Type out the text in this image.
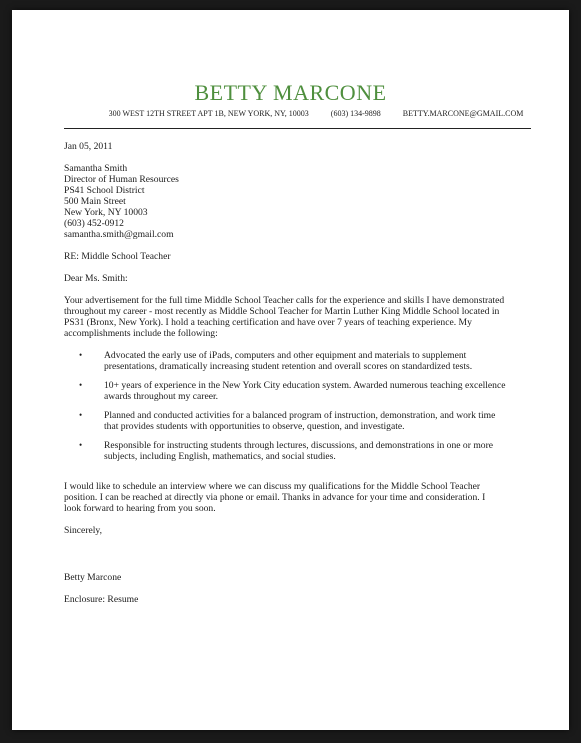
BETTY MARCONE
300 WEST 12TH STREET APT 1B, NEW YORK, NY, 10003	(603) 134-9898	BETTY.MARCONE@GMAIL.COM

Jan 05, 2011

Samantha Smith

Director of Human Resources

PS41 School District

500 Main Street

New York, NY 10003

(603) 452-0912

samantha.smith@gmail.com

RE: Middle School Teacher

Dear Ms. Smith:

Your advertisement for the full time Middle School Teacher calls for the experience and skills I have demonstrated

throughout my career - most recently as Middle School Teacher for Martin Luther King Middle School located in

PS31 (Bronx, New York). I hold a teaching certification and have over 7 years of teaching experience. My

accomplishments include the following:

• Advocated the early use of iPads, computers and other equipment and materials to supplement

presentations, dramatically increasing student retention and overall scores on standardized tests.

• 10+ years of experience in the New York City education system. Awarded numerous teaching excellence

awards throughout my career.

• Planned and conducted activities for a balanced program of instruction, demonstration, and work time

that provides students with opportunities to observe, question, and investigate.

• Responsible for instructing students through lectures, discussions, and demonstrations in one or more

subjects, including English, mathematics, and social studies.

I would like to schedule an interview where we can discuss my qualifications for the Middle School Teacher

position. I can be reached at directly via phone or email. Thanks in advance for your time and consideration. I

look forward to hearing from you soon.

Sincerely,

Betty Marcone

Enclosure: Resume
